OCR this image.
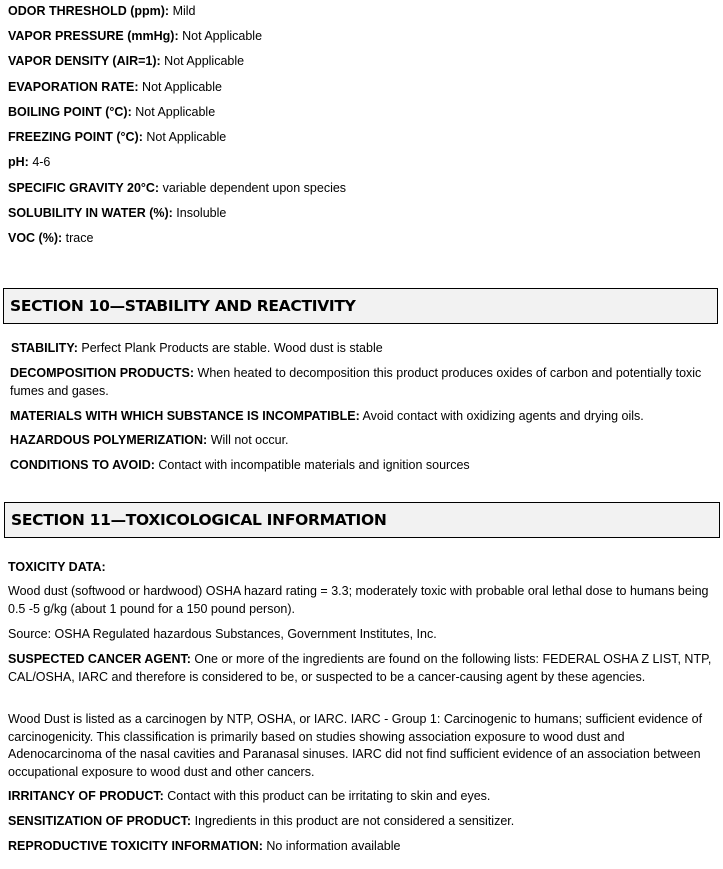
ODOR THRESHOLD (ppm): Mild
VAPOR PRESSURE (mmHg): Not Applicable
VAPOR DENSITY (AIR=1): Not Applicable
EVAPORATION RATE: Not Applicable
BOILING POINT (°C): Not Applicable
FREEZING POINT (°C): Not Applicable
pH: 4-6
SPECIFIC GRAVITY 20°C: variable dependent upon species
SOLUBILITY IN WATER (%): Insoluble
VOC (%): trace
SECTION 10—STABILITY AND REACTIVITY
STABILITY: Perfect Plank Products are stable. Wood dust is stable
DECOMPOSITION PRODUCTS: When heated to decomposition this product produces oxides of carbon and potentially toxic fumes and gases.
MATERIALS WITH WHICH SUBSTANCE IS INCOMPATIBLE: Avoid contact with oxidizing agents and drying oils.
HAZARDOUS POLYMERIZATION: Will not occur.
CONDITIONS TO AVOID: Contact with incompatible materials and ignition sources
SECTION 11—TOXICOLOGICAL INFORMATION
TOXICITY DATA:
Wood dust (softwood or hardwood) OSHA hazard rating = 3.3; moderately toxic with probable oral lethal dose to humans being 0.5 -5 g/kg (about 1 pound for a 150 pound person).
Source: OSHA Regulated hazardous Substances, Government Institutes, Inc.
SUSPECTED CANCER AGENT: One or more of the ingredients are found on the following lists: FEDERAL OSHA Z LIST, NTP, CAL/OSHA, IARC and therefore is considered to be, or suspected to be a cancer-causing agent by these agencies.
Wood Dust is listed as a carcinogen by NTP, OSHA, or IARC. IARC - Group 1: Carcinogenic to humans; sufficient evidence of carcinogenicity. This classification is primarily based on studies showing association exposure to wood dust and Adenocarcinoma of the nasal cavities and Paranasal sinuses. IARC did not find sufficient evidence of an association between occupational exposure to wood dust and other cancers.
IRRITANCY OF PRODUCT: Contact with this product can be irritating to skin and eyes.
SENSITIZATION OF PRODUCT: Ingredients in this product are not considered a sensitizer.
REPRODUCTIVE TOXICITY INFORMATION: No information available
